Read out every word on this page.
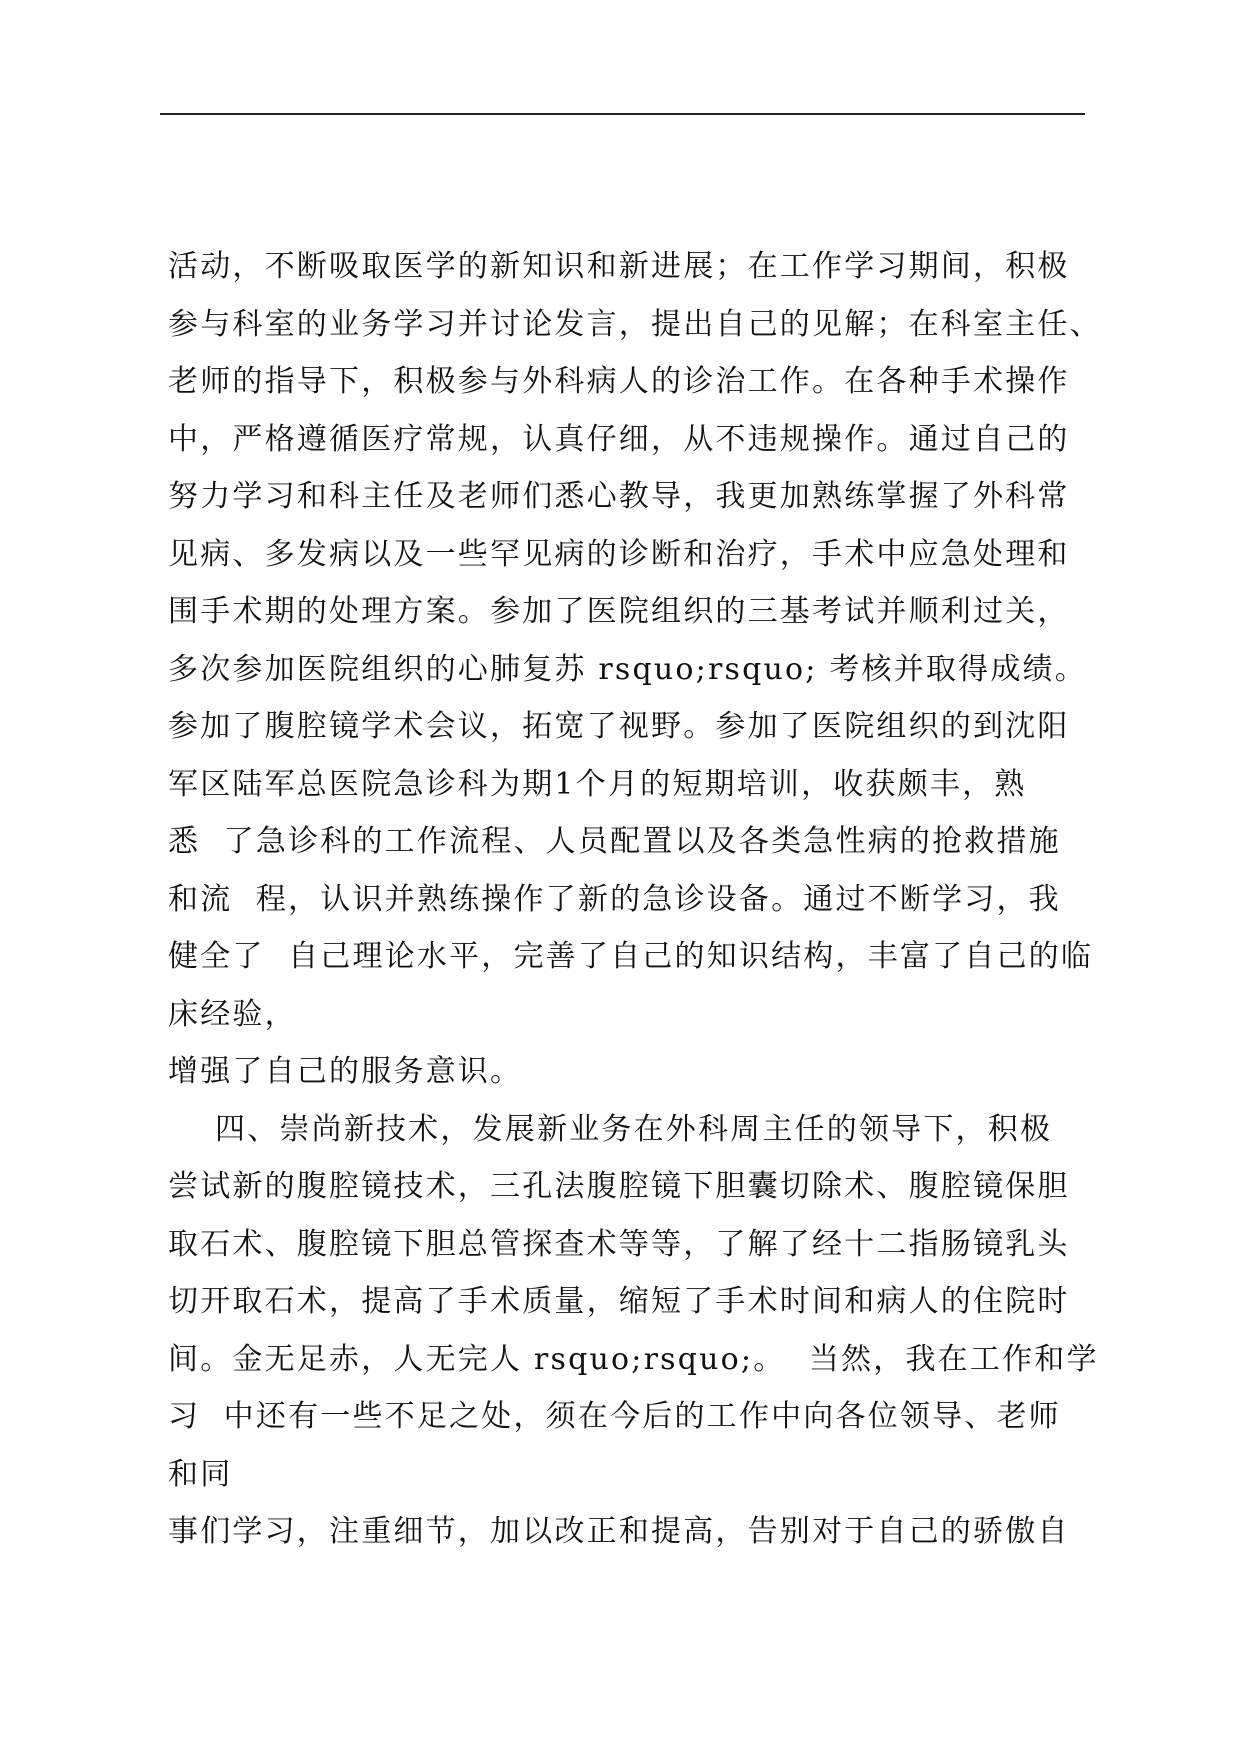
活动，不断吸取医学的新知识和新进展；在工作学习期间，积极
参与科室的业务学习并讨论发言，提出自己的见解；在科室主任、
老师的指导下，积极参与外科病人的诊治工作。在各种手术操作
中，严格遵循医疗常规，认真仔细，从不违规操作。通过自己的
努力学习和科主任及老师们悉心教导，我更加熟练掌握了外科常
见病、多发病以及一些罕见病的诊断和治疗，手术中应急处理和
围手术期的处理方案。参加了医院组织的三基考试并顺利过关，
多次参加医院组织的心肺复苏 rsquo;rsquo; 考核并取得成绩。
参加了腹腔镜学术会议，拓宽了视野。参加了医院组织的到沈阳
军区陆军总医院急诊科为期1个月的短期培训，收获颇丰，熟
悉  了急诊科的工作流程、人员配置以及各类急性病的抢救措施
和流  程，认识并熟练操作了新的急诊设备。通过不断学习，我
健全了  自己理论水平，完善了自己的知识结构，丰富了自己的临
床经验，
增强了自己的服务意识。
四、崇尚新技术，发展新业务在外科周主任的领导下，积极
尝试新的腹腔镜技术，三孔法腹腔镜下胆囊切除术、腹腔镜保胆
取石术、腹腔镜下胆总管探查术等等，了解了经十二指肠镜乳头
切开取石术，提高了手术质量，缩短了手术时间和病人的住院时
间。金无足赤，人无完人 rsquo;rsquo;。  当然，我在工作和学
习  中还有一些不足之处，须在今后的工作中向各位领导、老师
和同
事们学习，注重细节，加以改正和提高，告别对于自己的骄傲自
